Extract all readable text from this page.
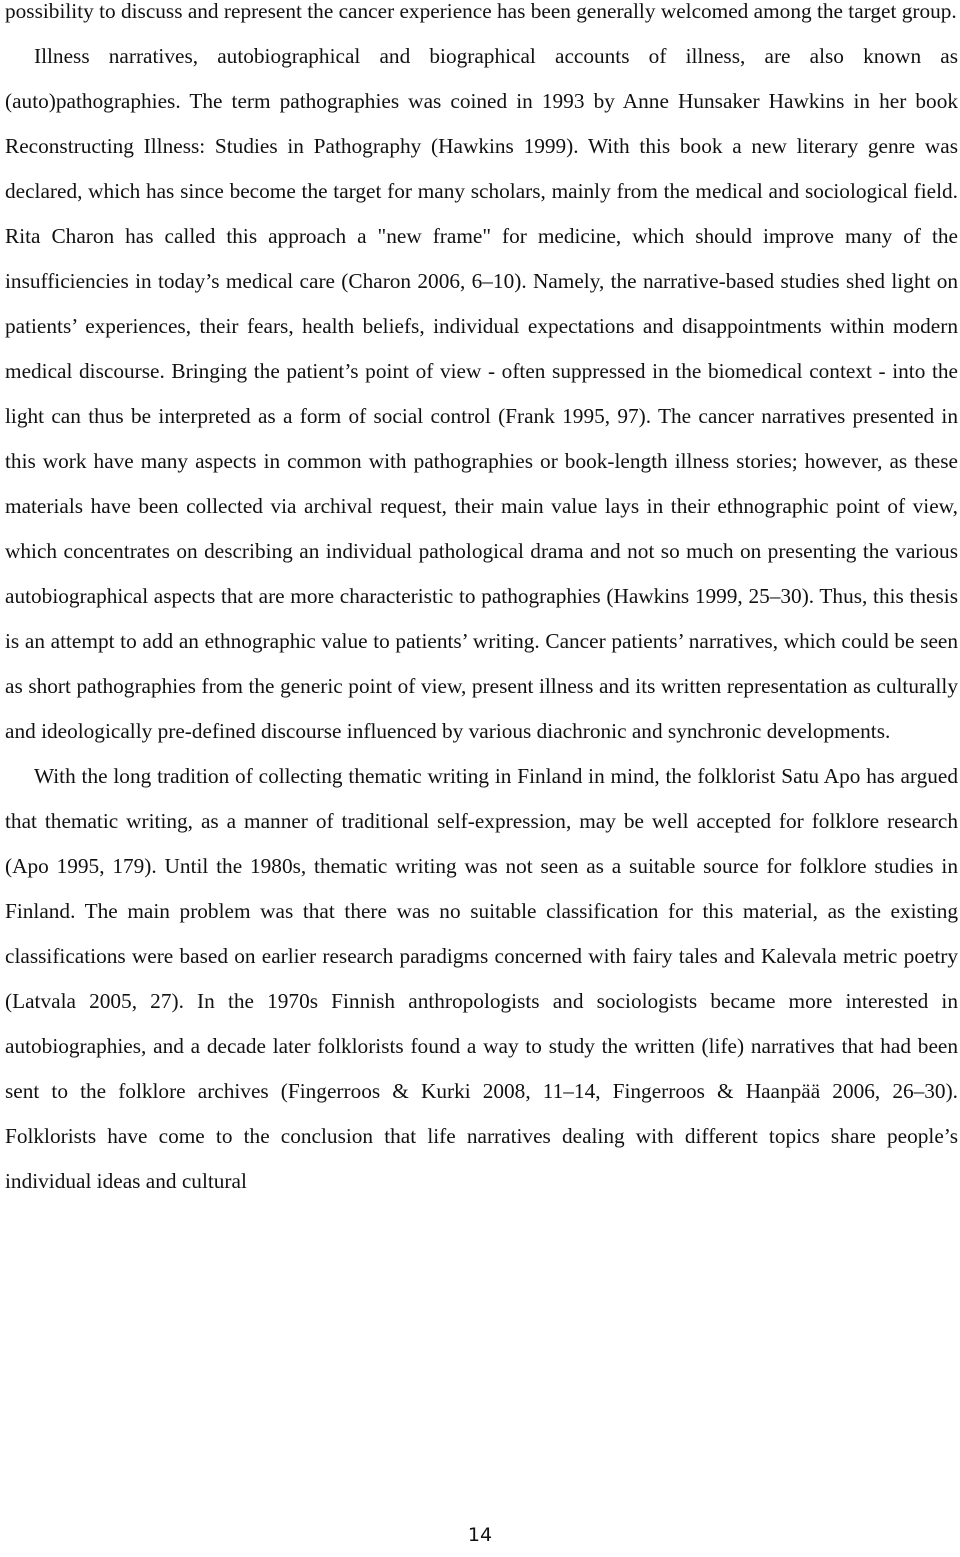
possibility to discuss and represent the cancer experience has been generally welcomed among the target group.

Illness narratives, autobiographical and biographical accounts of illness, are also known as (auto)pathographies. The term pathographies was coined in 1993 by Anne Hunsaker Hawkins in her book Reconstructing Illness: Studies in Pathography (Hawkins 1999). With this book a new literary genre was declared, which has since become the target for many scholars, mainly from the medical and sociological field. Rita Charon has called this approach a "new frame" for medicine, which should improve many of the insufficiencies in today’s medical care (Charon 2006, 6–10). Namely, the narrative-based studies shed light on patients’ experiences, their fears, health beliefs, individual expectations and disappointments within modern medical discourse. Bringing the patient’s point of view - often suppressed in the biomedical context - into the light can thus be interpreted as a form of social control (Frank 1995, 97). The cancer narratives presented in this work have many aspects in common with pathographies or book-length illness stories; however, as these materials have been collected via archival request, their main value lays in their ethnographic point of view, which concentrates on describing an individual pathological drama and not so much on presenting the various autobiographical aspects that are more characteristic to pathographies (Hawkins 1999, 25–30). Thus, this thesis is an attempt to add an ethnographic value to patients’ writing. Cancer patients’ narratives, which could be seen as short pathographies from the generic point of view, present illness and its written representation as culturally and ideologically pre-defined discourse influenced by various diachronic and synchronic developments.

With the long tradition of collecting thematic writing in Finland in mind, the folklorist Satu Apo has argued that thematic writing, as a manner of traditional self-expression, may be well accepted for folklore research (Apo 1995, 179). Until the 1980s, thematic writing was not seen as a suitable source for folklore studies in Finland. The main problem was that there was no suitable classification for this material, as the existing classifications were based on earlier research paradigms concerned with fairy tales and Kalevala metric poetry (Latvala 2005, 27). In the 1970s Finnish anthropologists and sociologists became more interested in autobiographies, and a decade later folklorists found a way to study the written (life) narratives that had been sent to the folklore archives (Fingerroos & Kurki 2008, 11–14, Fingerroos & Haanpää 2006, 26–30). Folklorists have come to the conclusion that life narratives dealing with different topics share people’s individual ideas and cultural

14
